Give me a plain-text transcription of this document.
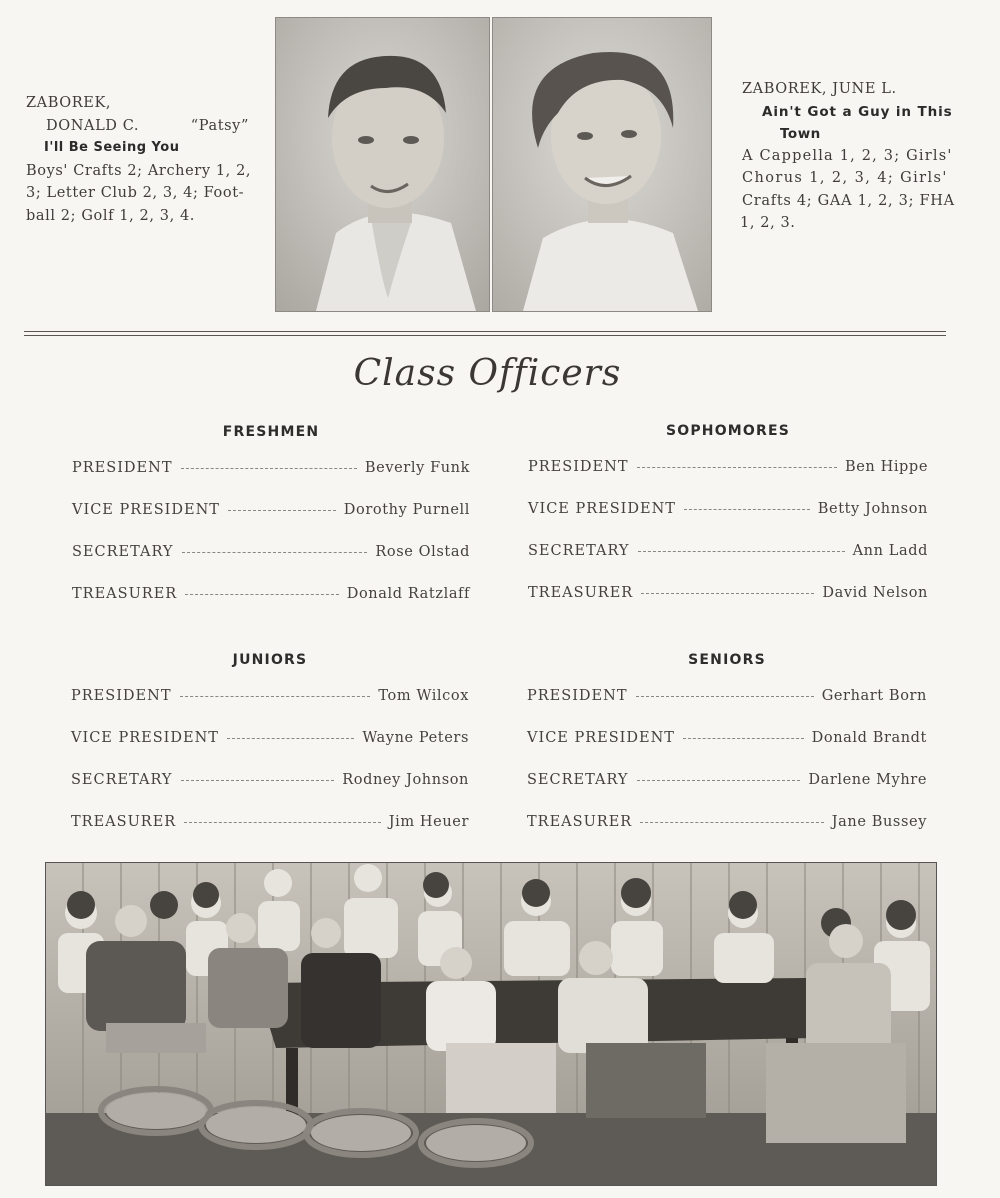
ZABOREK,
DONALD C.	“Patsy”
I'll Be Seeing You
Boys' Crafts 2; Archery 1, 2,
3; Letter Club 2, 3, 4; Foot-
ball 2; Golf 1, 2, 3, 4.
ZABOREK, JUNE L.
Ain't Got a Guy in This
Town
A Cappella 1, 2, 3; Girls'
Chorus 1, 2, 3, 4; Girls'
Crafts 4; GAA 1, 2, 3; FHA
1, 2, 3.
Class Officers
FRESHMEN
PRESIDENT	Beverly Funk
VICE PRESIDENT	Dorothy Purnell
SECRETARY	Rose Olstad
TREASURER	Donald Ratzlaff
SOPHOMORES
PRESIDENT	Ben Hippe
VICE PRESIDENT	Betty Johnson
SECRETARY	Ann Ladd
TREASURER	David Nelson
JUNIORS
PRESIDENT	Tom Wilcox
VICE PRESIDENT	Wayne Peters
SECRETARY	Rodney Johnson
TREASURER	Jim Heuer
SENIORS
PRESIDENT	Gerhart Born
VICE PRESIDENT	Donald Brandt
SECRETARY	Darlene Myhre
TREASURER	Jane Bussey
